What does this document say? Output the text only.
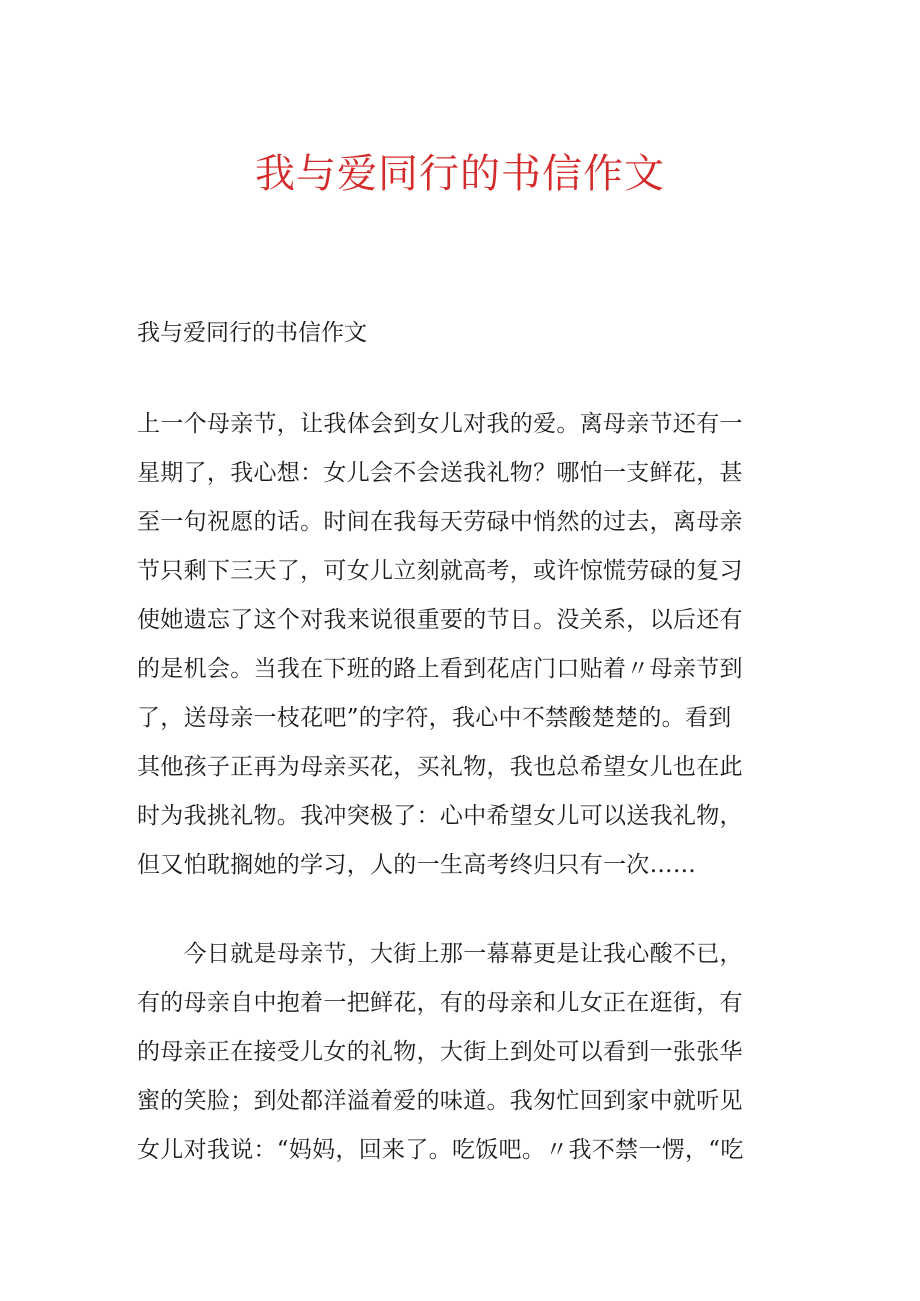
我与爱同行的书信作文

我与爱同行的书信作文

上一个母亲节，让我体会到女儿对我的爱。离母亲节还有一
星期了，我心想：女儿会不会送我礼物？哪怕一支鲜花，甚
至一句祝愿的话。时间在我每天劳碌中悄然的过去，离母亲
节只剩下三天了，可女儿立刻就高考，或许惊慌劳碌的复习
使她遗忘了这个对我来说很重要的节日。没关系，以后还有
的是机会。当我在下班的路上看到花店门口贴着〃母亲节到
了，送母亲一枝花吧”的字符，我心中不禁酸楚楚的。看到
其他孩子正再为母亲买花，买礼物，我也总希望女儿也在此
时为我挑礼物。我冲突极了：心中希望女儿可以送我礼物，
但又怕耽搁她的学习，人的一生高考终归只有一次……
　　今日就是母亲节，大街上那一幕幕更是让我心酸不已，
有的母亲自中抱着一把鲜花，有的母亲和儿女正在逛街，有
的母亲正在接受儿女的礼物，大街上到处可以看到一张张华
蜜的笑脸；到处都洋溢着爱的味道。我匆忙回到家中就听见
女儿对我说：“妈妈，回来了。吃饭吧。〃我不禁一愣，“吃
